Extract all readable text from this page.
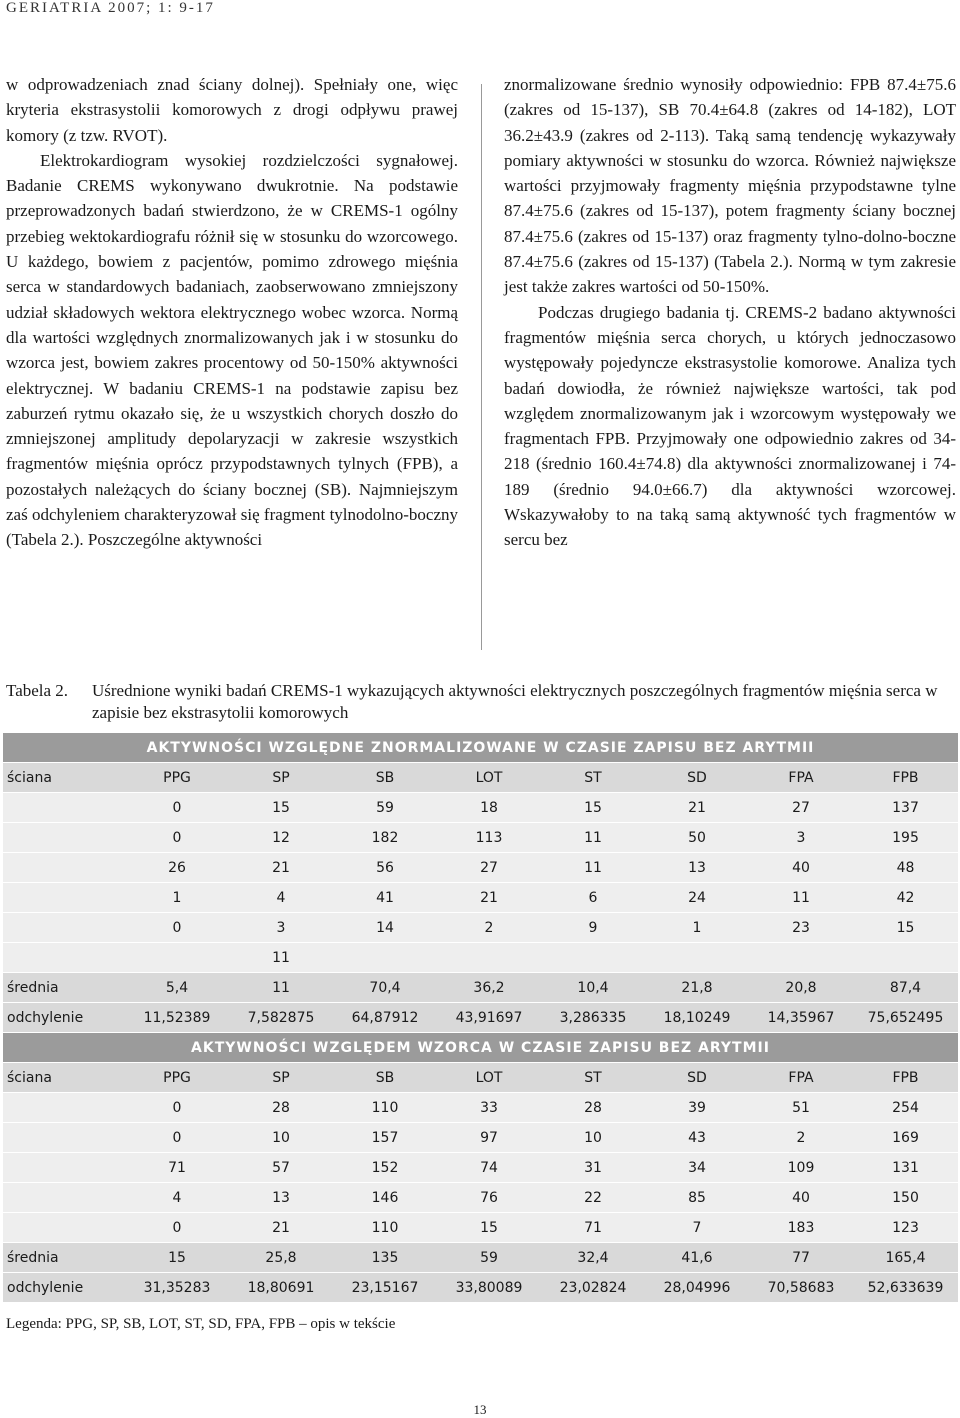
GERIATRIA 2007; 1: 9-17

w odprowadzeniach znad ściany dolnej). Spełniały one, więc kryteria ekstrasystolii komorowych z drogi odpływu prawej komory (z tzw. RVOT).

Elektrokardiogram wysokiej rozdzielczości sygnałowej. Badanie CREMS wykonywano dwukrotnie. Na podstawie przeprowadzonych badań stwierdzono, że w CREMS-1 ogólny przebieg wektokardiografu różnił się w stosunku do wzorcowego. U każdego, bowiem z pacjentów, pomimo zdrowego mięśnia serca w standardowych badaniach, zaobserwowano zmniejszony udział składowych wektora elektrycznego wobec wzorca. Normą dla wartości względnych znormalizowanych jak i w stosunku do wzorca jest, bowiem zakres procentowy od 50-150% aktywności elektrycznej. W badaniu CREMS-1 na podstawie zapisu bez zaburzeń rytmu okazało się, że u wszystkich chorych doszło do zmniejszonej amplitudy depolaryzacji w zakresie wszystkich fragmentów mięśnia oprócz przypodstawnych tylnych (FPB), a pozostałych należących do ściany bocznej (SB). Najmniejszym zaś odchyleniem charakteryzował się fragment tylnodolno-boczny (Tabela 2.). Poszczególne aktywności

znormalizowane średnio wynosiły odpowiednio: FPB 87.4±75.6 (zakres od 15-137), SB 70.4±64.8 (zakres od 14-182), LOT 36.2±43.9 (zakres od 2-113). Taką samą tendencję wykazywały pomiary aktywności w stosunku do wzorca. Również największe wartości przyjmowały fragmenty mięśnia przypodstawne tylne 87.4±75.6 (zakres od 15-137), potem fragmenty ściany bocznej 87.4±75.6 (zakres od 15-137) oraz fragmenty tylno-dolno-boczne 87.4±75.6 (zakres od 15-137) (Tabela 2.). Normą w tym zakresie jest także zakres wartości od 50-150%.

Podczas drugiego badania tj. CREMS-2 badano aktywności fragmentów mięśnia serca chorych, u których jednoczasowo występowały pojedyncze ekstrasystolie komorowe. Analiza tych badań dowiodła, że również największe wartości, tak pod względem znormalizowanym jak i wzorcowym występowały we fragmentach FPB. Przyjmowały one odpowiednio zakres od 34-218 (średnio 160.4±74.8) dla aktywności znormalizowanej i 74-189 (średnio 94.0±66.7) dla aktywności wzorcowej. Wskazywałoby to na taką samą aktywność tych fragmentów w sercu bez

Tabela 2. Uśrednione wyniki badań CREMS-1 wykazujących aktywności elektrycznych poszczególnych fragmentów mięśnia serca w zapisie bez ekstrasytolii komorowych
AKTYWNOŚCI WZGLĘDNE ZNORMALIZOWANE W CZASIE ZAPISU BEZ ARYTMII								
ściana	PPG	SP	SB	LOT	ST	SD	FPA	FPB
	0	15	59	18	15	21	27	137
	0	12	182	113	11	50	3	195
	26	21	56	27	11	13	40	48
	1	4	41	21	6	24	11	42
	0	3	14	2	9	1	23	15
		11						
średnia	5,4	11	70,4	36,2	10,4	21,8	20,8	87,4
odchylenie	11,52389	7,582875	64,87912	43,91697	3,286335	18,10249	14,35967	75,652495
AKTYWNOŚCI WZGLĘDEM WZORCA W CZASIE ZAPISU BEZ ARYTMII								
ściana	PPG	SP	SB	LOT	ST	SD	FPA	FPB
	0	28	110	33	28	39	51	254
	0	10	157	97	10	43	2	169
	71	57	152	74	31	34	109	131
	4	13	146	76	22	85	40	150
	0	21	110	15	71	7	183	123
średnia	15	25,8	135	59	32,4	41,6	77	165,4
odchylenie	31,35283	18,80691	23,15167	33,80089	23,02824	28,04996	70,58683	52,633639
Legenda: PPG, SP, SB, LOT, ST, SD, FPA, FPB – opis w tekście
13
